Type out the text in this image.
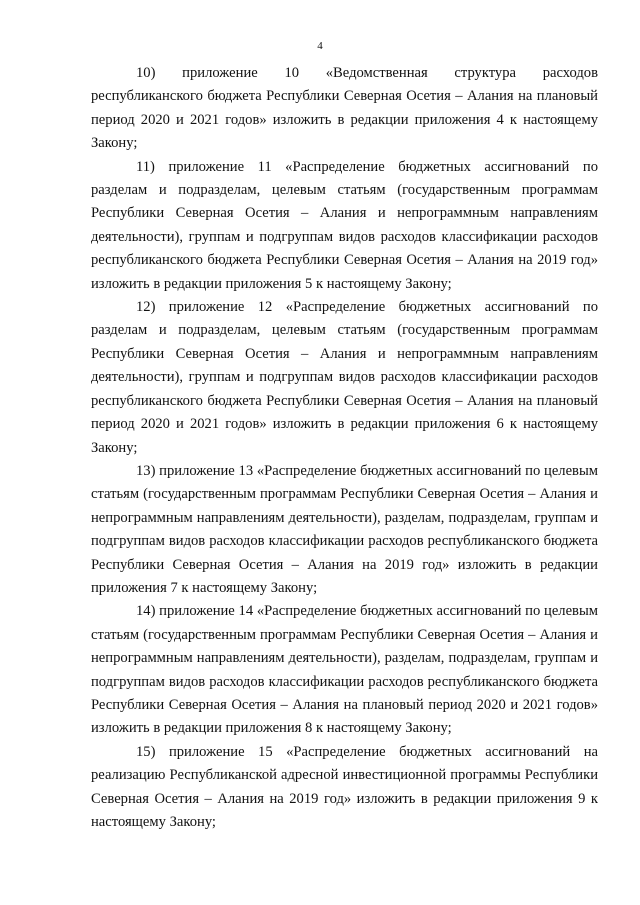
4

10) приложение 10 «Ведомственная структура расходов республиканского бюджета Республики Северная Осетия – Алания на плановый период 2020 и 2021 годов» изложить в редакции приложения 4 к настоящему Закону;

11) приложение 11 «Распределение бюджетных ассигнований по разделам и подразделам, целевым статьям (государственным программам Республики Северная Осетия – Алания и непрограммным направлениям деятельности), группам и подгруппам видов расходов классификации расходов республиканского бюджета Республики Северная Осетия – Алания на 2019 год» изложить в редакции приложения 5 к настоящему Закону;

12) приложение 12 «Распределение бюджетных ассигнований по разделам и подразделам, целевым статьям (государственным программам Республики Северная Осетия – Алания и непрограммным направлениям деятельности), группам и подгруппам видов расходов классификации расходов республиканского бюджета Республики Северная Осетия – Алания на плановый период 2020 и 2021 годов» изложить в редакции приложения 6 к настоящему Закону;

13) приложение 13 «Распределение бюджетных ассигнований по целевым статьям (государственным программам Республики Северная Осетия – Алания и непрограммным направлениям деятельности), разделам, подразделам, группам и подгруппам видов расходов классификации расходов республиканского бюджета Республики Северная Осетия – Алания на 2019 год» изложить в редакции приложения 7 к настоящему Закону;

14) приложение 14 «Распределение бюджетных ассигнований по целевым статьям (государственным программам Республики Северная Осетия – Алания и непрограммным направлениям деятельности), разделам, подразделам, группам и подгруппам видов расходов классификации расходов республиканского бюджета Республики Северная Осетия – Алания на плановый период 2020 и 2021 годов» изложить в редакции приложения 8 к настоящему Закону;

15) приложение 15 «Распределение бюджетных ассигнований на реализацию Республиканской адресной инвестиционной программы Республики Северная Осетия – Алания на 2019 год» изложить в редакции приложения 9 к настоящему Закону;
